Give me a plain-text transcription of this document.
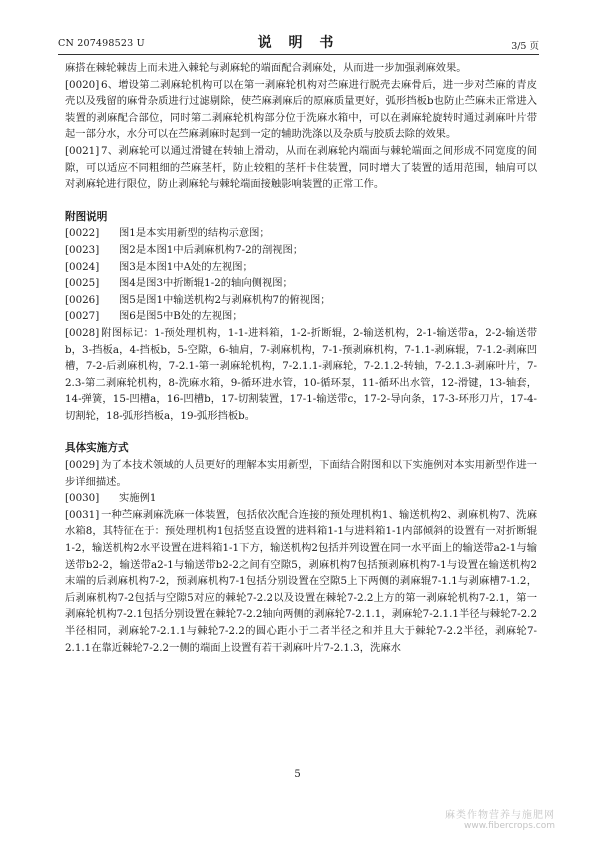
CN 207498523 U	说 明 书	3/5 页

麻搭在棘轮棘齿上而未进入棘轮与剥麻轮的端面配合剥麻处，从而进一步加强剥麻效果。

[0020] 6、增设第二剥麻轮机构可以在第一剥麻轮机构对苎麻进行脱壳去麻骨后，进一步对苎麻的青皮壳以及残留的麻骨杂质进行过滤剔除，使苎麻剥麻后的原麻质量更好，弧形挡板b也防止苎麻未正常进入装置的剥麻配合部位，同时第二剥麻轮机构部分位于洗麻水箱中，可以在剥麻轮旋转时通过剥麻叶片带起一部分水，水分可以在苎麻剥麻时起到一定的辅助洗涤以及杂质与胶质去除的效果。

[0021] 7、剥麻轮可以通过滑键在转轴上滑动，从而在剥麻轮内端面与棘轮端面之间形成不同宽度的间隙，可以适应不同粗细的苎麻茎杆，防止较粗的茎杆卡住装置，同时增大了装置的适用范围，轴肩可以对剥麻轮进行限位，防止剥麻轮与棘轮端面接触影响装置的正常工作。

附图说明

[0022] 图1是本实用新型的结构示意图；

[0023] 图2是本图1中后剥麻机构7-2的剖视图；

[0024] 图3是本图1中A处的左视图；

[0025] 图4是图3中折断辊1-2的轴向侧视图；

[0026] 图5是图1中输送机构2与剥麻机构7的俯视图；

[0027] 图6是图5中B处的左视图；

[0028] 附图标记：1-预处理机构，1-1-进料箱，1-2-折断辊，2-输送机构，2-1-输送带a，2-2-输送带b，3-挡板a，4-挡板b，5-空隙，6-轴肩，7-剥麻机构，7-1-预剥麻机构，7-1.1-剥麻辊，7-1.2-剥麻凹槽，7-2-后剥麻机构，7-2.1-第一剥麻轮机构，7-2.1.1-剥麻轮，7-2.1.2-转轴，7-2.1.3-剥麻叶片，7-2.3-第二剥麻轮机构，8-洗麻水箱，9-循环进水管，10-循环泵，11-循环出水管，12-滑键，13-轴套，14-弹簧，15-凹槽a，16-凹槽b，17-切割装置，17-1-输送带c，17-2-导向条，17-3-环形刀片，17-4-切割轮，18-弧形挡板a，19-弧形挡板b。

具体实施方式

[0029] 为了本技术领域的人员更好的理解本实用新型，下面结合附图和以下实施例对本实用新型作进一步详细描述。

[0030] 实施例1

[0031] 一种苎麻剥麻洗麻一体装置，包括依次配合连接的预处理机构1、输送机构2、剥麻机构7、洗麻水箱8，其特征在于：预处理机构1包括竖直设置的进料箱1-1与进料箱1-1内部倾斜的设置有一对折断辊1-2，输送机构2水平设置在进料箱1-1下方，输送机构2包括并列设置在同一水平面上的输送带a2-1与输送带b2-2，输送带a2-1与输送带b2-2之间有空隙5，剥麻机构7包括预剥麻机构7-1与设置在输送机构2末端的后剥麻机构7-2，预剥麻机构7-1包括分别设置在空隙5上下两侧的剥麻辊7-1.1与剥麻槽7-1.2，后剥麻机构7-2包括与空隙5对应的棘轮7-2.2以及设置在棘轮7-2.2上方的第一剥麻轮机构7-2.1，第一剥麻轮机构7-2.1包括分别设置在棘轮7-2.2轴向两侧的剥麻轮7-2.1.1，剥麻轮7-2.1.1半径与棘轮7-2.2半径相同，剥麻轮7-2.1.1与棘轮7-2.2的圆心距小于二者半径之和并且大于棘轮7-2.2半径，剥麻轮7-2.1.1在靠近棘轮7-2.2一侧的端面上设置有若干剥麻叶片7-2.1.3，洗麻水

5
麻类作物营养与施肥网
www.fibercrops.com
